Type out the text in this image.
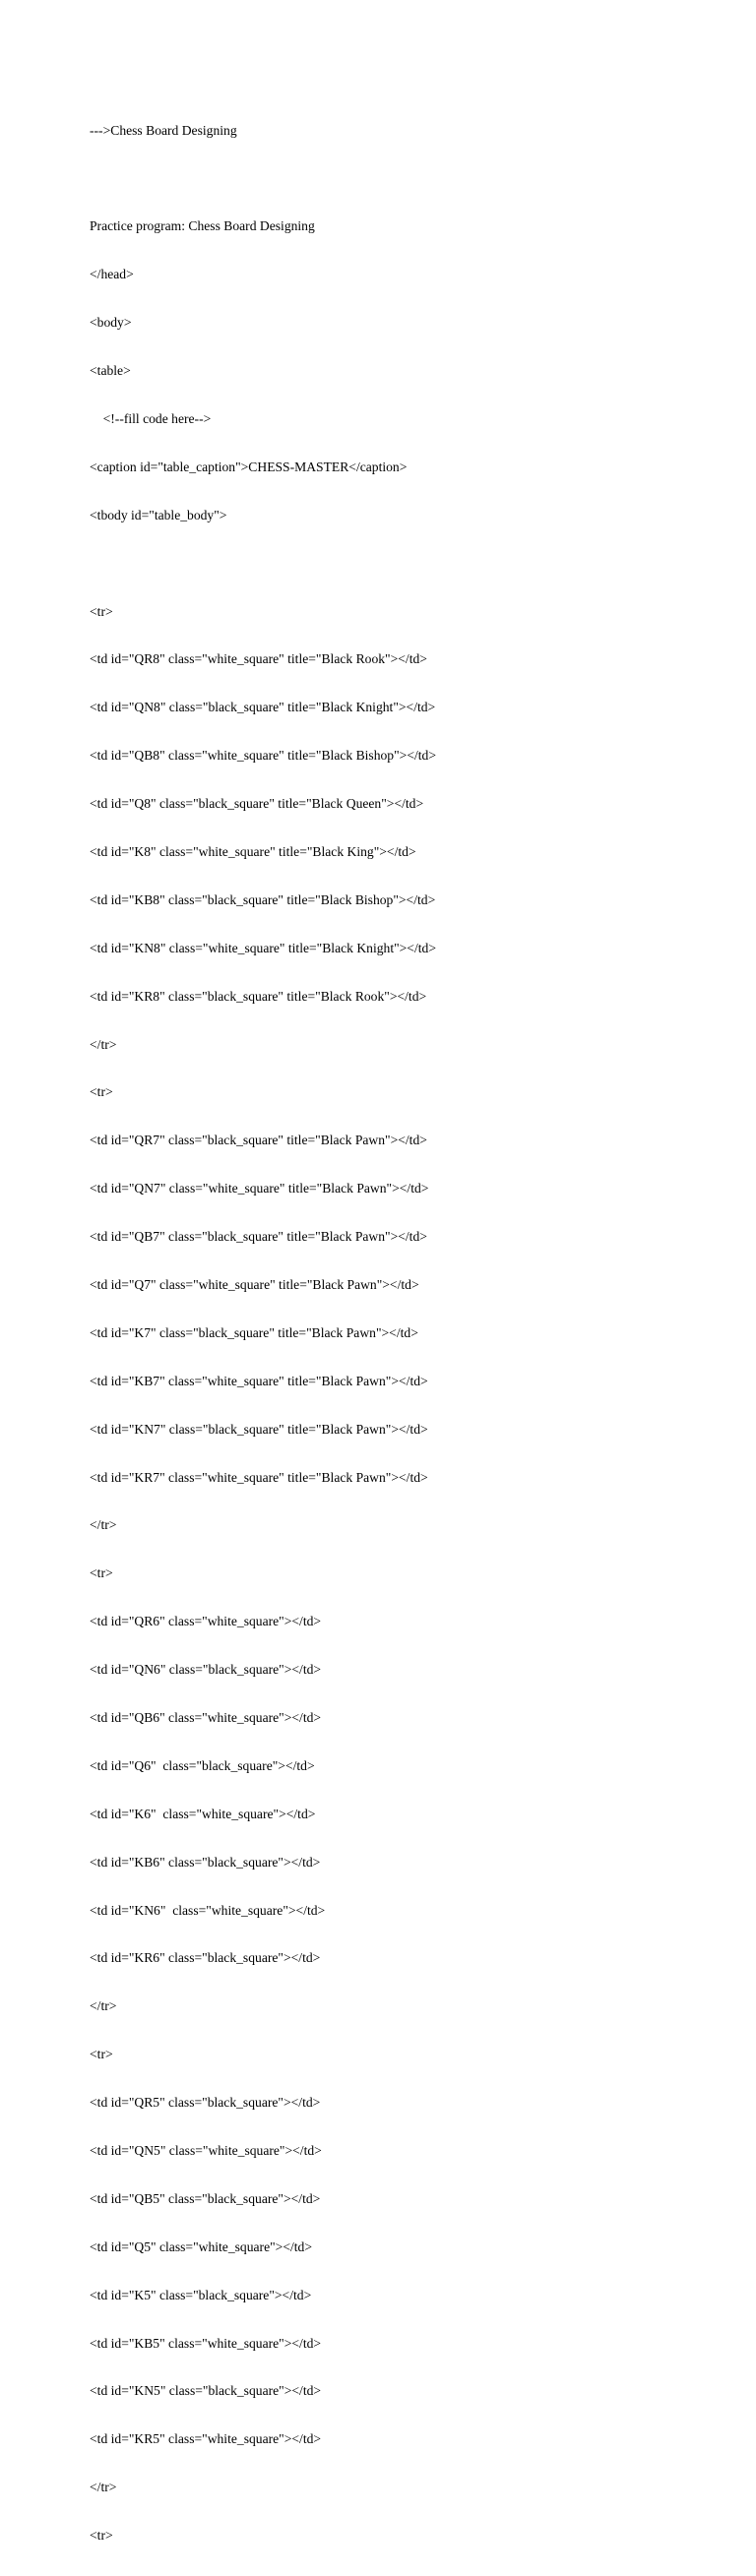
--->Chess Board Designing

Practice program: Chess Board Designing

</head>

<body>

<table>

<!--fill code here-->

<caption id="table_caption">CHESS-MASTER</caption>

<tbody id="table_body">

<tr>

<td id="QR8" class="white_square" title="Black Rook"></td>

<td id="QN8" class="black_square" title="Black Knight"></td>

<td id="QB8" class="white_square" title="Black Bishop"></td>

<td id="Q8" class="black_square" title="Black Queen"></td>

<td id="K8" class="white_square" title="Black King"></td>

<td id="KB8" class="black_square" title="Black Bishop"></td>

<td id="KN8" class="white_square" title="Black Knight"></td>

<td id="KR8" class="black_square" title="Black Rook"></td>

</tr>

<tr>

<td id="QR7" class="black_square" title="Black Pawn"></td>

<td id="QN7" class="white_square" title="Black Pawn"></td>

<td id="QB7" class="black_square" title="Black Pawn"></td>

<td id="Q7" class="white_square" title="Black Pawn"></td>

<td id="K7" class="black_square" title="Black Pawn"></td>

<td id="KB7" class="white_square" title="Black Pawn"></td>

<td id="KN7" class="black_square" title="Black Pawn"></td>

<td id="KR7" class="white_square" title="Black Pawn"></td>

</tr>

<tr>

<td id="QR6" class="white_square"></td>

<td id="QN6" class="black_square"></td>

<td id="QB6" class="white_square"></td>

<td id="Q6"  class="black_square"></td>

<td id="K6"  class="white_square"></td>

<td id="KB6" class="black_square"></td>

<td id="KN6"  class="white_square"></td>

<td id="KR6" class="black_square"></td>

</tr>

<tr>

<td id="QR5" class="black_square"></td>

<td id="QN5" class="white_square"></td>

<td id="QB5" class="black_square"></td>

<td id="Q5" class="white_square"></td>

<td id="K5" class="black_square"></td>

<td id="KB5" class="white_square"></td>

<td id="KN5" class="black_square"></td>

<td id="KR5" class="white_square"></td>

</tr>

<tr>
